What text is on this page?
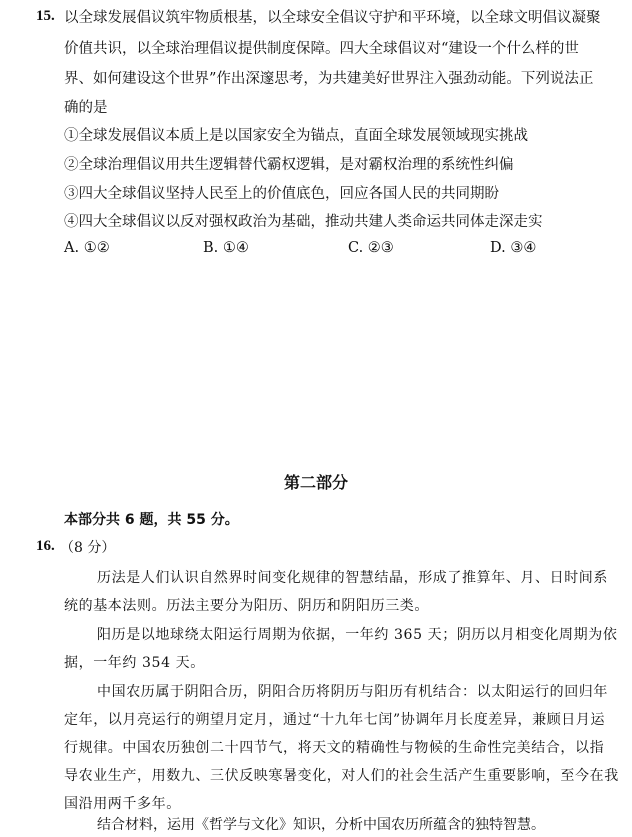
15. 以全球发展倡议筑牢物质根基，以全球安全倡议守护和平环境，以全球文明倡议凝聚
价值共识，以全球治理倡议提供制度保障。四大全球倡议对“建设一个什么样的世
界、如何建设这个世界”作出深邃思考，为共建美好世界注入强劲动能。下列说法正
确的是
①全球发展倡议本质上是以国家安全为锚点，直面全球发展领域现实挑战
②全球治理倡议用共生逻辑替代霸权逻辑，是对霸权治理的系统性纠偏
③四大全球倡议坚持人民至上的价值底色，回应各国人民的共同期盼
④四大全球倡议以反对强权政治为基础，推动共建人类命运共同体走深走实
A. ①②	B. ①④	C. ②③	D. ③④
第二部分
本部分共 6 题，共 55 分。
16. （8 分）
历法是人们认识自然界时间变化规律的智慧结晶，形成了推算年、月、日时间系
统的基本法则。历法主要分为阳历、阴历和阴阳历三类。
阳历是以地球绕太阳运行周期为依据，一年约 365 天；阴历以月相变化周期为依
据，一年约 354 天。
中国农历属于阴阳合历，阴阳合历将阴历与阳历有机结合：以太阳运行的回归年
定年，以月亮运行的朔望月定月，通过“十九年七闰”协调年月长度差异，兼顾日月运
行规律。中国农历独创二十四节气，将天文的精确性与物候的生命性完美结合，以指
导农业生产，用数九、三伏反映寒暑变化，对人们的社会生活产生重要影响，至今在我
国沿用两千多年。
结合材料，运用《哲学与文化》知识，分析中国农历所蕴含的独特智慧。
